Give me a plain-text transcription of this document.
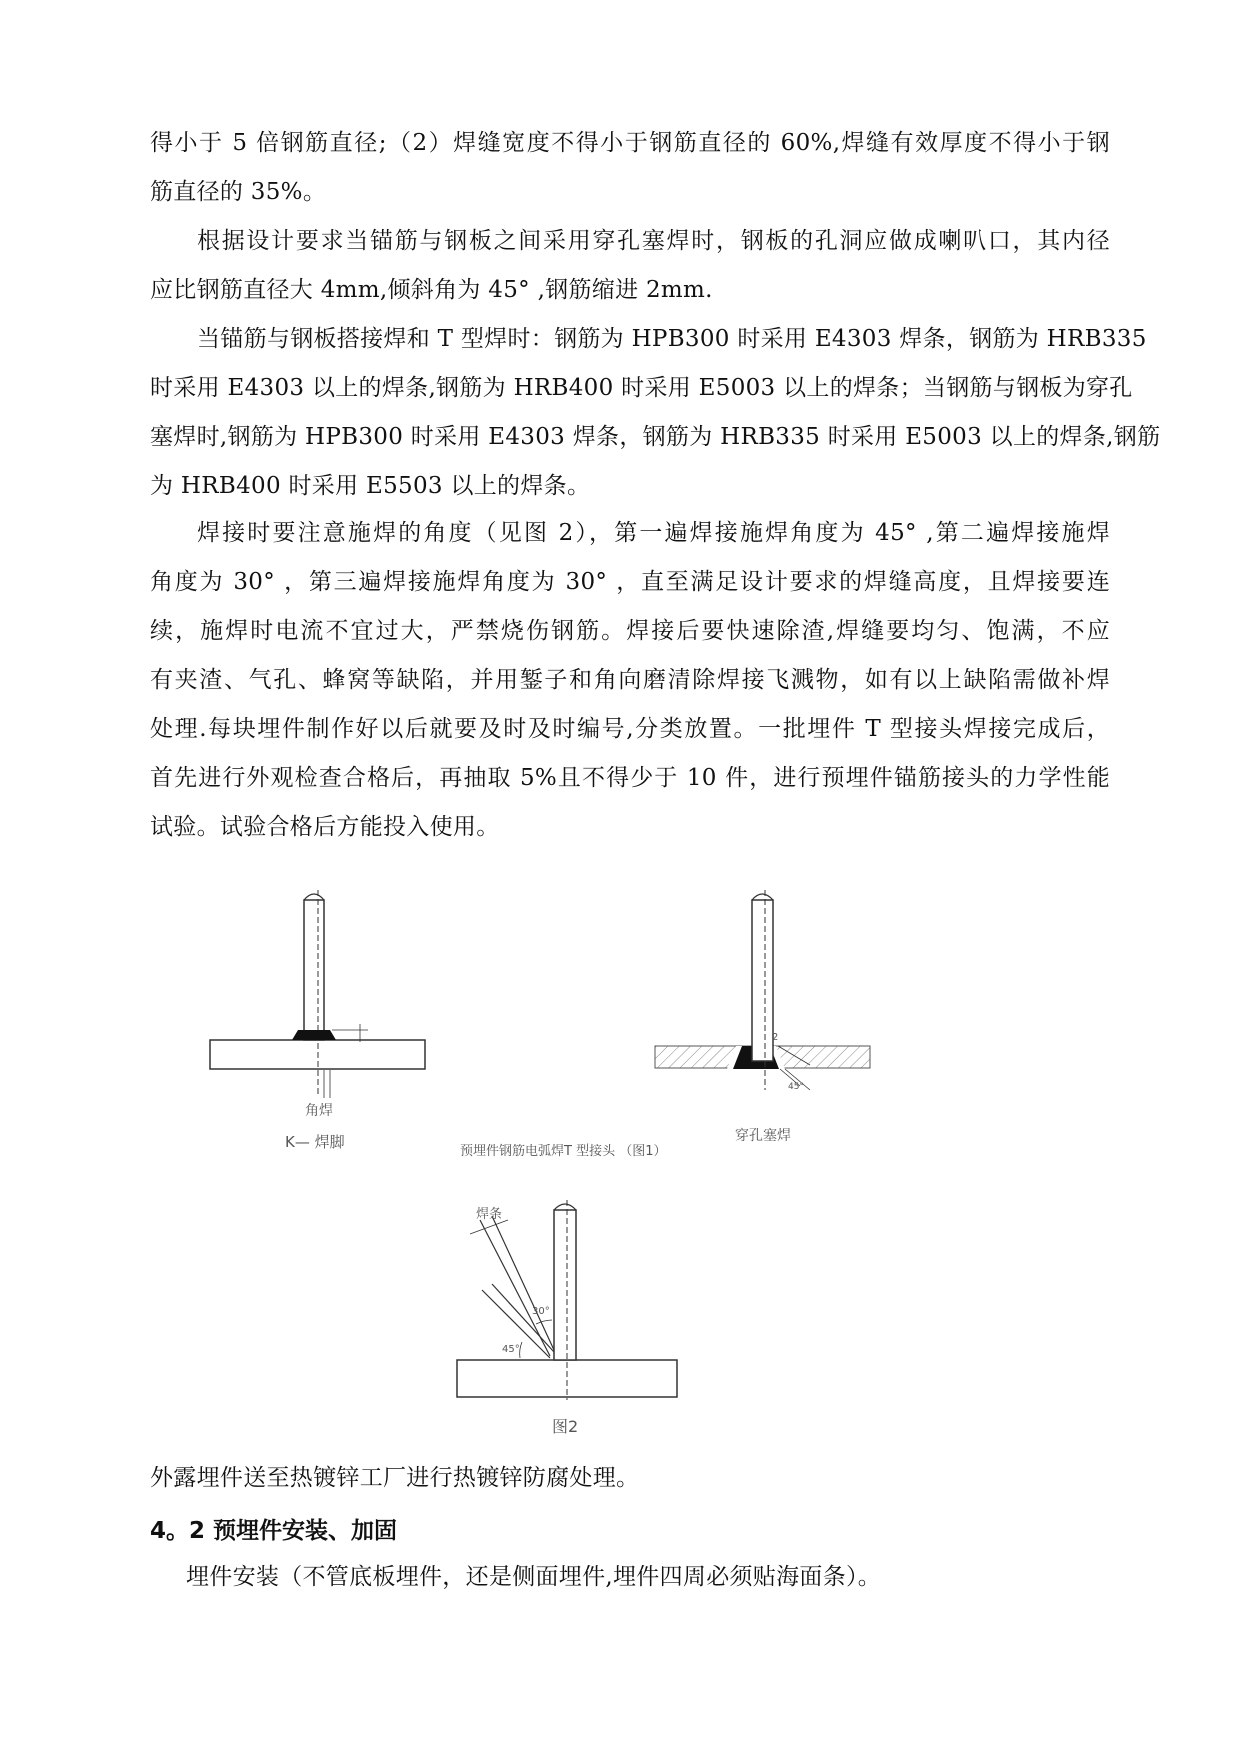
得小于 5 倍钢筋直径;（2）焊缝宽度不得小于钢筋直径的 60%,焊缝有效厚度不得小于钢
筋直径的 35%。
根据设计要求当锚筋与钢板之间采用穿孔塞焊时，钢板的孔洞应做成喇叭口，其内径
应比钢筋直径大 4mm,倾斜角为 45° ,钢筋缩进 2mm.
当锚筋与钢板搭接焊和 T 型焊时：钢筋为 HPB300 时采用 E4303 焊条，钢筋为 HRB335
时采用 E4303 以上的焊条,钢筋为 HRB400 时采用 E5003 以上的焊条；当钢筋与钢板为穿孔
塞焊时,钢筋为 HPB300 时采用 E4303 焊条，钢筋为 HRB335 时采用 E5003 以上的焊条,钢筋
为 HRB400 时采用 E5503 以上的焊条。
焊接时要注意施焊的角度（见图 2），第一遍焊接施焊角度为 45° ,第二遍焊接施焊
角度为 30° ，第三遍焊接施焊角度为 30° ，直至满足设计要求的焊缝高度，且焊接要连
续，施焊时电流不宜过大，严禁烧伤钢筋。焊接后要快速除渣,焊缝要均匀、饱满，不应
有夹渣、气孔、蜂窝等缺陷，并用錾子和角向磨清除焊接飞溅物，如有以上缺陷需做补焊
处理.每块埋件制作好以后就要及时及时编号,分类放置。一批埋件 T 型接头焊接完成后，
首先进行外观检查合格后，再抽取 5%且不得少于 10 件，进行预埋件锚筋接头的力学性能
试验。试验合格后方能投入使用。
角焊
K— 焊脚
预埋件钢筋电弧焊T 型接头 （图1）
2
45°
穿孔塞焊
焊条
30°
45°
图2
外露埋件送至热镀锌工厂进行热镀锌防腐处理。
4。2 预埋件安装、加固
埋件安装（不管底板埋件，还是侧面埋件,埋件四周必须贴海面条）。
